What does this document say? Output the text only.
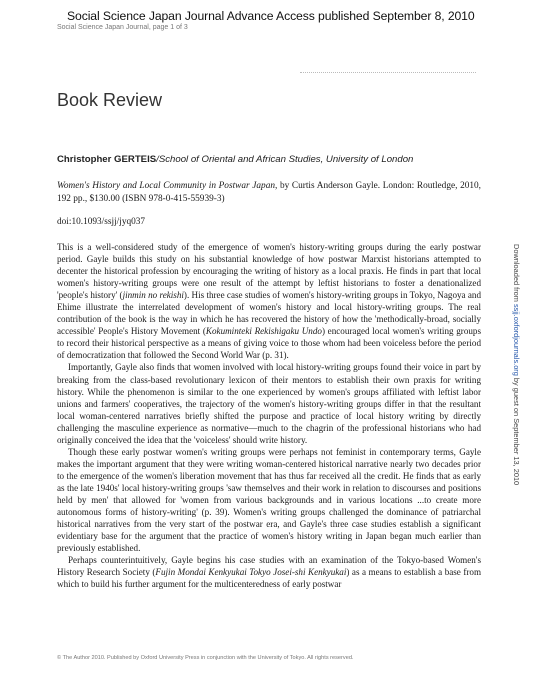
Social Science Japan Journal Advance Access published September 8, 2010
Social Science Japan Journal, page 1 of 3
Book Review
Christopher GERTEIS/School of Oriental and African Studies, University of London

Women's History and Local Community in Postwar Japan, by Curtis Anderson Gayle. London: Routledge, 2010, 192 pp., $130.00 (ISBN 978-0-415-55939-3)

doi:10.1093/ssjj/jyq037

This is a well-considered study of the emergence of women's history-writing groups during the early postwar period. Gayle builds this study on his substantial knowledge of how postwar Marxist historians attempted to decenter the historical profession by encouraging the writing of history as a local praxis. He finds in part that local women's history-writing groups were one result of the attempt by leftist historians to foster a denationalized 'people's history' (jinmin no rekishi). His three case studies of women's history-writing groups in Tokyo, Nagoya and Ehime illustrate the interrelated development of women's history and local history-writing groups. The real contribution of the book is the way in which he has recovered the history of how the 'methodically-broad, socially accessible' People's History Movement (Kokuminteki Rekishigaku Undo) encouraged local women's writing groups to record their historical perspective as a means of giving voice to those whom had been voiceless before the period of democratization that followed the Second World War (p. 31).

Importantly, Gayle also finds that women involved with local history-writing groups found their voice in part by breaking from the class-based revolutionary lexicon of their mentors to establish their own praxis for writing history. While the phenomenon is similar to the one experienced by women's groups affiliated with leftist labor unions and farmers' cooperatives, the trajectory of the women's history-writing groups differ in that the resultant local woman-centered narratives briefly shifted the purpose and practice of local history writing by directly challenging the masculine experience as normative—much to the chagrin of the professional historians who had originally conceived the idea that the 'voiceless' should write history.

Though these early postwar women's writing groups were perhaps not feminist in contemporary terms, Gayle makes the important argument that they were writing woman-centered historical narrative nearly two decades prior to the emergence of the women's liberation movement that has thus far received all the credit. He finds that as early as the late 1940s' local history-writing groups 'saw themselves and their work in relation to discourses and positions held by men' that allowed for 'women from various backgrounds and in various locations ...to create more autonomous forms of history-writing' (p. 39). Women's writing groups challenged the dominance of patriarchal historical narratives from the very start of the postwar era, and Gayle's three case studies establish a significant evidentiary base for the argument that the practice of women's history writing in Japan began much earlier than previously established.

Perhaps counterintuitively, Gayle begins his case studies with an examination of the Tokyo-based Women's History Research Society (Fujin Mondai Kenkyukai Tokyo Josei-shi Kenkyukai) as a means to establish a base from which to build his further argument for the multicenteredness of early postwar

© The Author 2010. Published by Oxford University Press in conjunction with the University of Tokyo. All rights reserved.
Downloaded from ssjj.oxfordjournals.org by guest on September 13, 2010
